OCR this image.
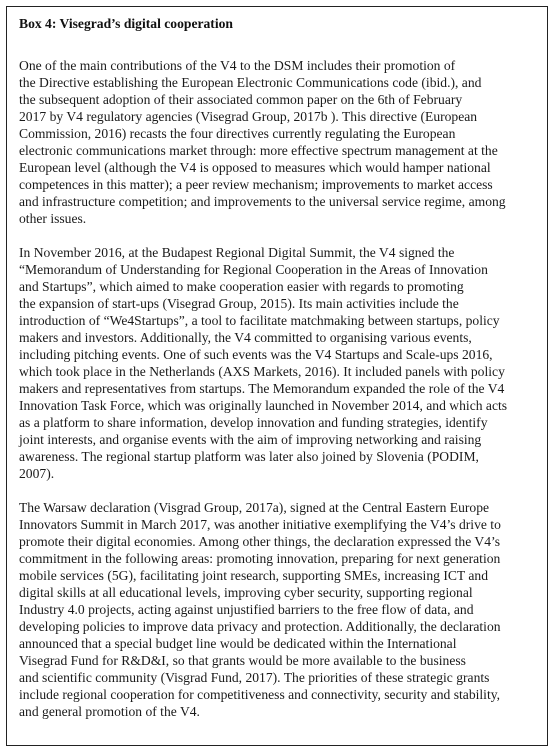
Box 4: Visegrad’s digital cooperation
One of the main contributions of the V4 to the DSM includes their promotion of
the Directive establishing the European Electronic Communications code (ibid.), and
the subsequent adoption of their associated common paper on the 6th of February
2017 by V4 regulatory agencies (Visegrad Group, 2017b ). This directive (European
Commission, 2016) recasts the four directives currently regulating the European
electronic communications market through: more effective spectrum management at the
European level (although the V4 is opposed to measures which would hamper national
competences in this matter); a peer review mechanism; improvements to market access
and infrastructure competition; and improvements to the universal service regime, among
other issues.
In November 2016, at the Budapest Regional Digital Summit, the V4 signed the
“Memorandum of Understanding for Regional Cooperation in the Areas of Innovation
and Startups”, which aimed to make cooperation easier with regards to promoting
the expansion of start-ups (Visegrad Group, 2015). Its main activities include the
introduction of “We4Startups”, a tool to facilitate matchmaking between startups, policy
makers and investors. Additionally, the V4 committed to organising various events,
including pitching events. One of such events was the V4 Startups and Scale-ups 2016,
which took place in the Netherlands (AXS Markets, 2016). It included panels with policy
makers and representatives from startups. The Memorandum expanded the role of the V4
Innovation Task Force, which was originally launched in November 2014, and which acts
as a platform to share information, develop innovation and funding strategies, identify
joint interests, and organise events with the aim of improving networking and raising
awareness. The regional startup platform was later also joined by Slovenia (PODIM,
2007).
The Warsaw declaration (Visgrad Group, 2017a), signed at the Central Eastern Europe
Innovators Summit in March 2017, was another initiative exemplifying the V4’s drive to
promote their digital economies. Among other things, the declaration expressed the V4’s
commitment in the following areas: promoting innovation, preparing for next generation
mobile services (5G), facilitating joint research, supporting SMEs, increasing ICT and
digital skills at all educational levels, improving cyber security, supporting regional
Industry 4.0 projects, acting against unjustified barriers to the free flow of data, and
developing policies to improve data privacy and protection. Additionally, the declaration
announced that a special budget line would be dedicated within the International
Visegrad Fund for R&D&I, so that grants would be more available to the business
and scientific community (Visgrad Fund, 2017). The priorities of these strategic grants
include regional cooperation for competitiveness and connectivity, security and stability,
and general promotion of the V4.
